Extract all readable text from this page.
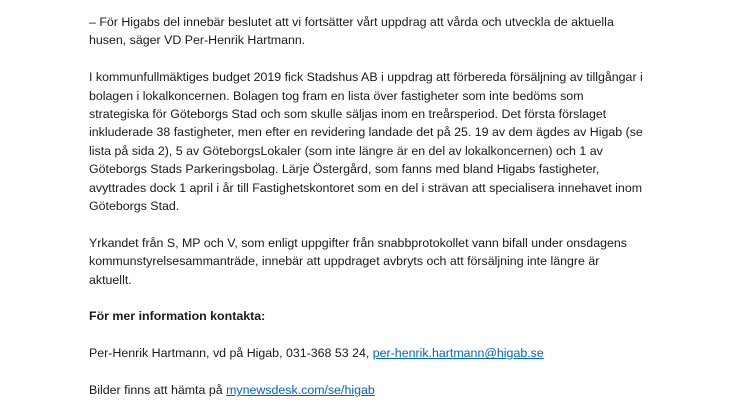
– För Higabs del innebär beslutet att vi fortsätter vårt uppdrag att vårda och utveckla de aktuella
husen, säger VD Per-Henrik Hartmann.

I kommunfullmäktiges budget 2019 fick Stadshus AB i uppdrag att förbereda försäljning av tillgångar i
bolagen i lokalkoncernen. Bolagen tog fram en lista över fastigheter som inte bedöms som
strategiska för Göteborgs Stad och som skulle säljas inom en treårsperiod. Det första förslaget
inkluderade 38 fastigheter, men efter en revidering landade det på 25. 19 av dem ägdes av Higab (se
lista på sida 2), 5 av GöteborgsLokaler (som inte längre är en del av lokalkoncernen) och 1 av
Göteborgs Stads Parkeringsbolag. Lärje Östergård, som fanns med bland Higabs fastigheter,
avyttrades dock 1 april i år till Fastighetskontoret som en del i strävan att specialisera innehavet inom
Göteborgs Stad.

Yrkandet från S, MP och V, som enligt uppgifter från snabbprotokollet vann bifall under onsdagens
kommunstyrelsesammanträde, innebär att uppdraget avbryts och att försäljning inte längre är
aktuellt.

För mer information kontakta:

Per-Henrik Hartmann, vd på Higab, 031-368 53 24, per-henrik.hartmann@higab.se

Bilder finns att hämta på mynewsdesk.com/se/higab
